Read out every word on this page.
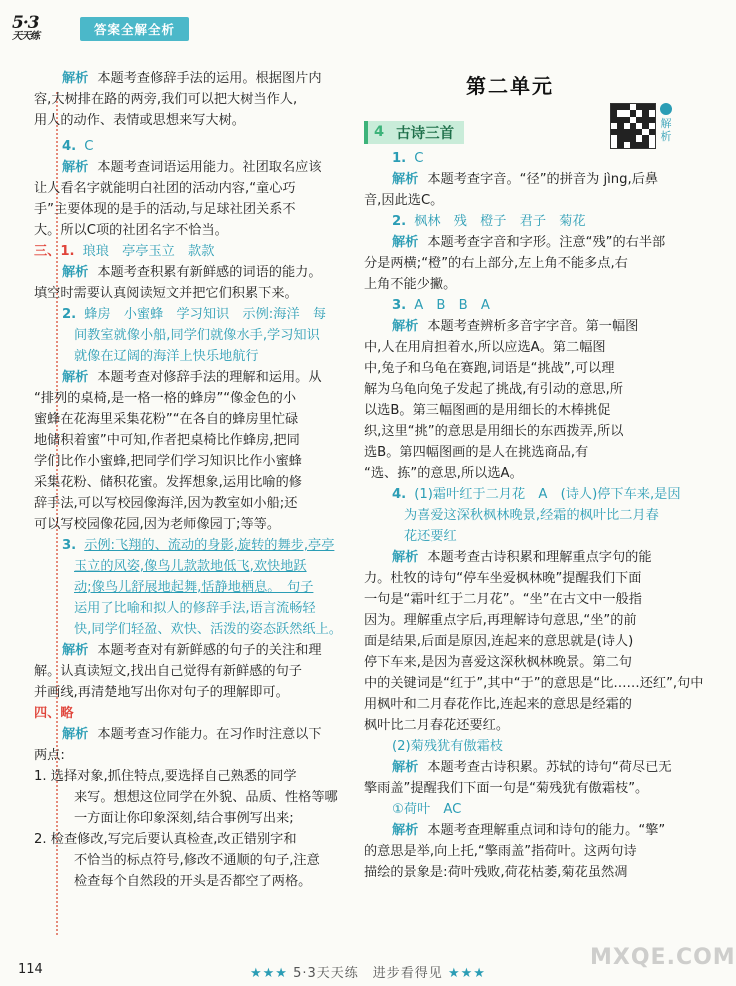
5·3
天天练	答案全解全析
解析 本题考查修辞手法的运用。根据图片内
容,大树排在路的两旁,我们可以把大树当作人,
用人的动作、表情或思想来写大树。
4. C
解析 本题考查词语运用能力。社团取名应该
让人看名字就能明白社团的活动内容,“童心巧
手”主要体现的是手的活动,与足球社团关系不
大。所以C项的社团名字不恰当。
三、1. 琅琅　亭亭玉立　款款
解析 本题考查积累有新鲜感的词语的能力。
填空时需要认真阅读短文并把它们积累下来。
2. 蜂房　小蜜蜂　学习知识　示例:海洋　每
间教室就像小船,同学们就像水手,学习知识
就像在辽阔的海洋上快乐地航行
解析 本题考查对修辞手法的理解和运用。从
“排列的桌椅,是一格一格的蜂房”“像金色的小
蜜蜂在花海里采集花粉”“在各自的蜂房里忙碌
地储积着蜜”中可知,作者把桌椅比作蜂房,把同
学们比作小蜜蜂,把同学们学习知识比作小蜜蜂
采集花粉、储积花蜜。发挥想象,运用比喻的修
辞手法,可以写校园像海洋,因为教室如小船;还
可以写校园像花园,因为老师像园丁;等等。
3. 示例:飞翔的、流动的身影,旋转的舞步,亭亭
玉立的风姿,像鸟儿款款地低飞,欢快地跃
动;像鸟儿舒展地起舞,恬静地栖息。　句子
运用了比喻和拟人的修辞手法,语言流畅轻
快,同学们轻盈、欢快、活泼的姿态跃然纸上。
解析 本题考查对有新鲜感的句子的关注和理
解。认真读短文,找出自己觉得有新鲜感的句子
并画线,再清楚地写出你对句子的理解即可。
四、略
解析 本题考查习作能力。在习作时注意以下
两点:
1. 选择对象,抓住特点,要选择自己熟悉的同学
来写。想想这位同学在外貌、品质、性格等哪
一方面让你印象深刻,结合事例写出来;
2. 检查修改,写完后要认真检查,改正错别字和
不恰当的标点符号,修改不通顺的句子,注意
检查每个自然段的开头是否都空了两格。
第二单元
解析
4 古诗三首
1. C
解析 本题考查字音。“径”的拼音为 jìng,后鼻
音,因此选C。
2. 枫林　残　橙子　君子　菊花
解析 本题考查字音和字形。注意“残”的右半部
分是两横;“橙”的右上部分,左上角不能多点,右
上角不能少撇。
3. A　B　B　A
解析 本题考查辨析多音字字音。第一幅图
中,人在用肩担着水,所以应选A。第二幅图
中,兔子和乌龟在赛跑,词语是“挑战”,可以理
解为乌龟向兔子发起了挑战,有引动的意思,所
以选B。第三幅图画的是用细长的木棒挑促
织,这里“挑”的意思是用细长的东西拨弄,所以
选B。第四幅图画的是人在挑选商品,有
“选、拣”的意思,所以选A。
4. (1)霜叶红于二月花　A　(诗人)停下车来,是因
为喜爱这深秋枫林晚景,经霜的枫叶比二月春
花还要红
解析 本题考查古诗积累和理解重点字句的能
力。杜牧的诗句“停车坐爱枫林晚”提醒我们下面
一句是“霜叶红于二月花”。“坐”在古文中一般指
因为。理解重点字后,再理解诗句意思,“坐”的前
面是结果,后面是原因,连起来的意思就是(诗人)
停下车来,是因为喜爱这深秋枫林晚景。第二句
中的关键词是“红于”,其中“于”的意思是“比……还红”,句中
用枫叶和二月春花作比,连起来的意思是经霜的
枫叶比二月春花还要红。
(2)菊残犹有傲霜枝
解析 本题考查古诗积累。苏轼的诗句“荷尽已无
擎雨盖”提醒我们下面一句是“菊残犹有傲霜枝”。
①荷叶　AC
解析 本题考查理解重点词和诗句的能力。“擎”
的意思是举,向上托,“擎雨盖”指荷叶。这两句诗
描绘的景象是:荷叶残败,荷花枯萎,菊花虽然凋
114	★★★ 5·3天天练　进步看得见 ★★★
MXQE.COM
